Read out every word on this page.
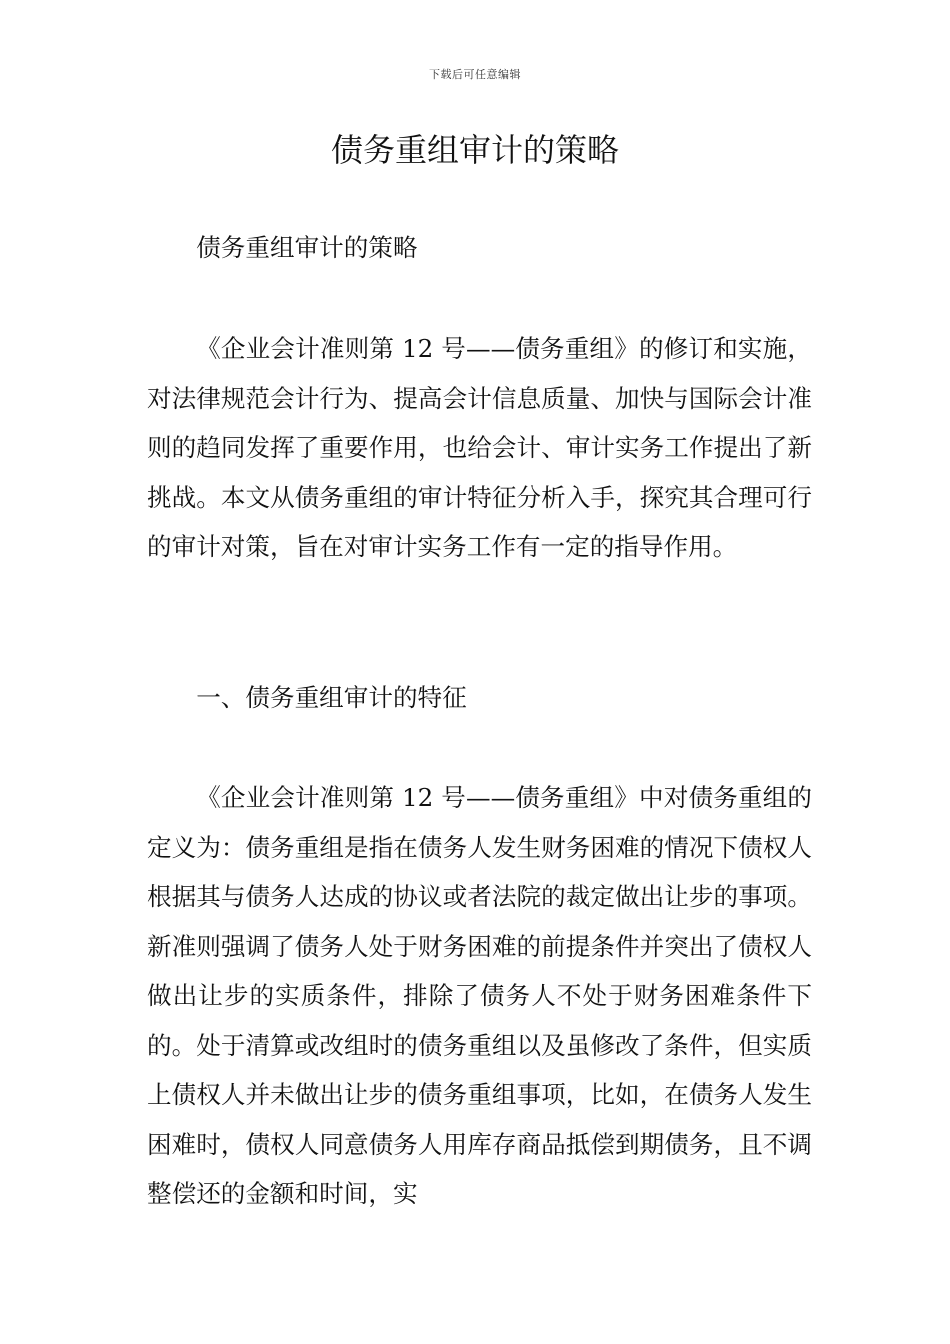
下载后可任意编辑
债务重组审计的策略

债务重组审计的策略

《企业会计准则第 12 号——债务重组》的修订和实施，对法律规范会计行为、提高会计信息质量、加快与国际会计准则的趋同发挥了重要作用，也给会计、审计实务工作提出了新挑战。本文从债务重组的审计特征分析入手，探究其合理可行的审计对策，旨在对审计实务工作有一定的指导作用。

一、债务重组审计的特征

《企业会计准则第 12 号——债务重组》中对债务重组的定义为：债务重组是指在债务人发生财务困难的情况下债权人根据其与债务人达成的协议或者法院的裁定做出让步的事项。新准则强调了债务人处于财务困难的前提条件并突出了债权人做出让步的实质条件，排除了债务人不处于财务困难条件下的。处于清算或改组时的债务重组以及虽修改了条件，但实质上债权人并未做出让步的债务重组事项，比如，在债务人发生困难时，债权人同意债务人用库存商品抵偿到期债务，且不调整偿还的金额和时间，实
